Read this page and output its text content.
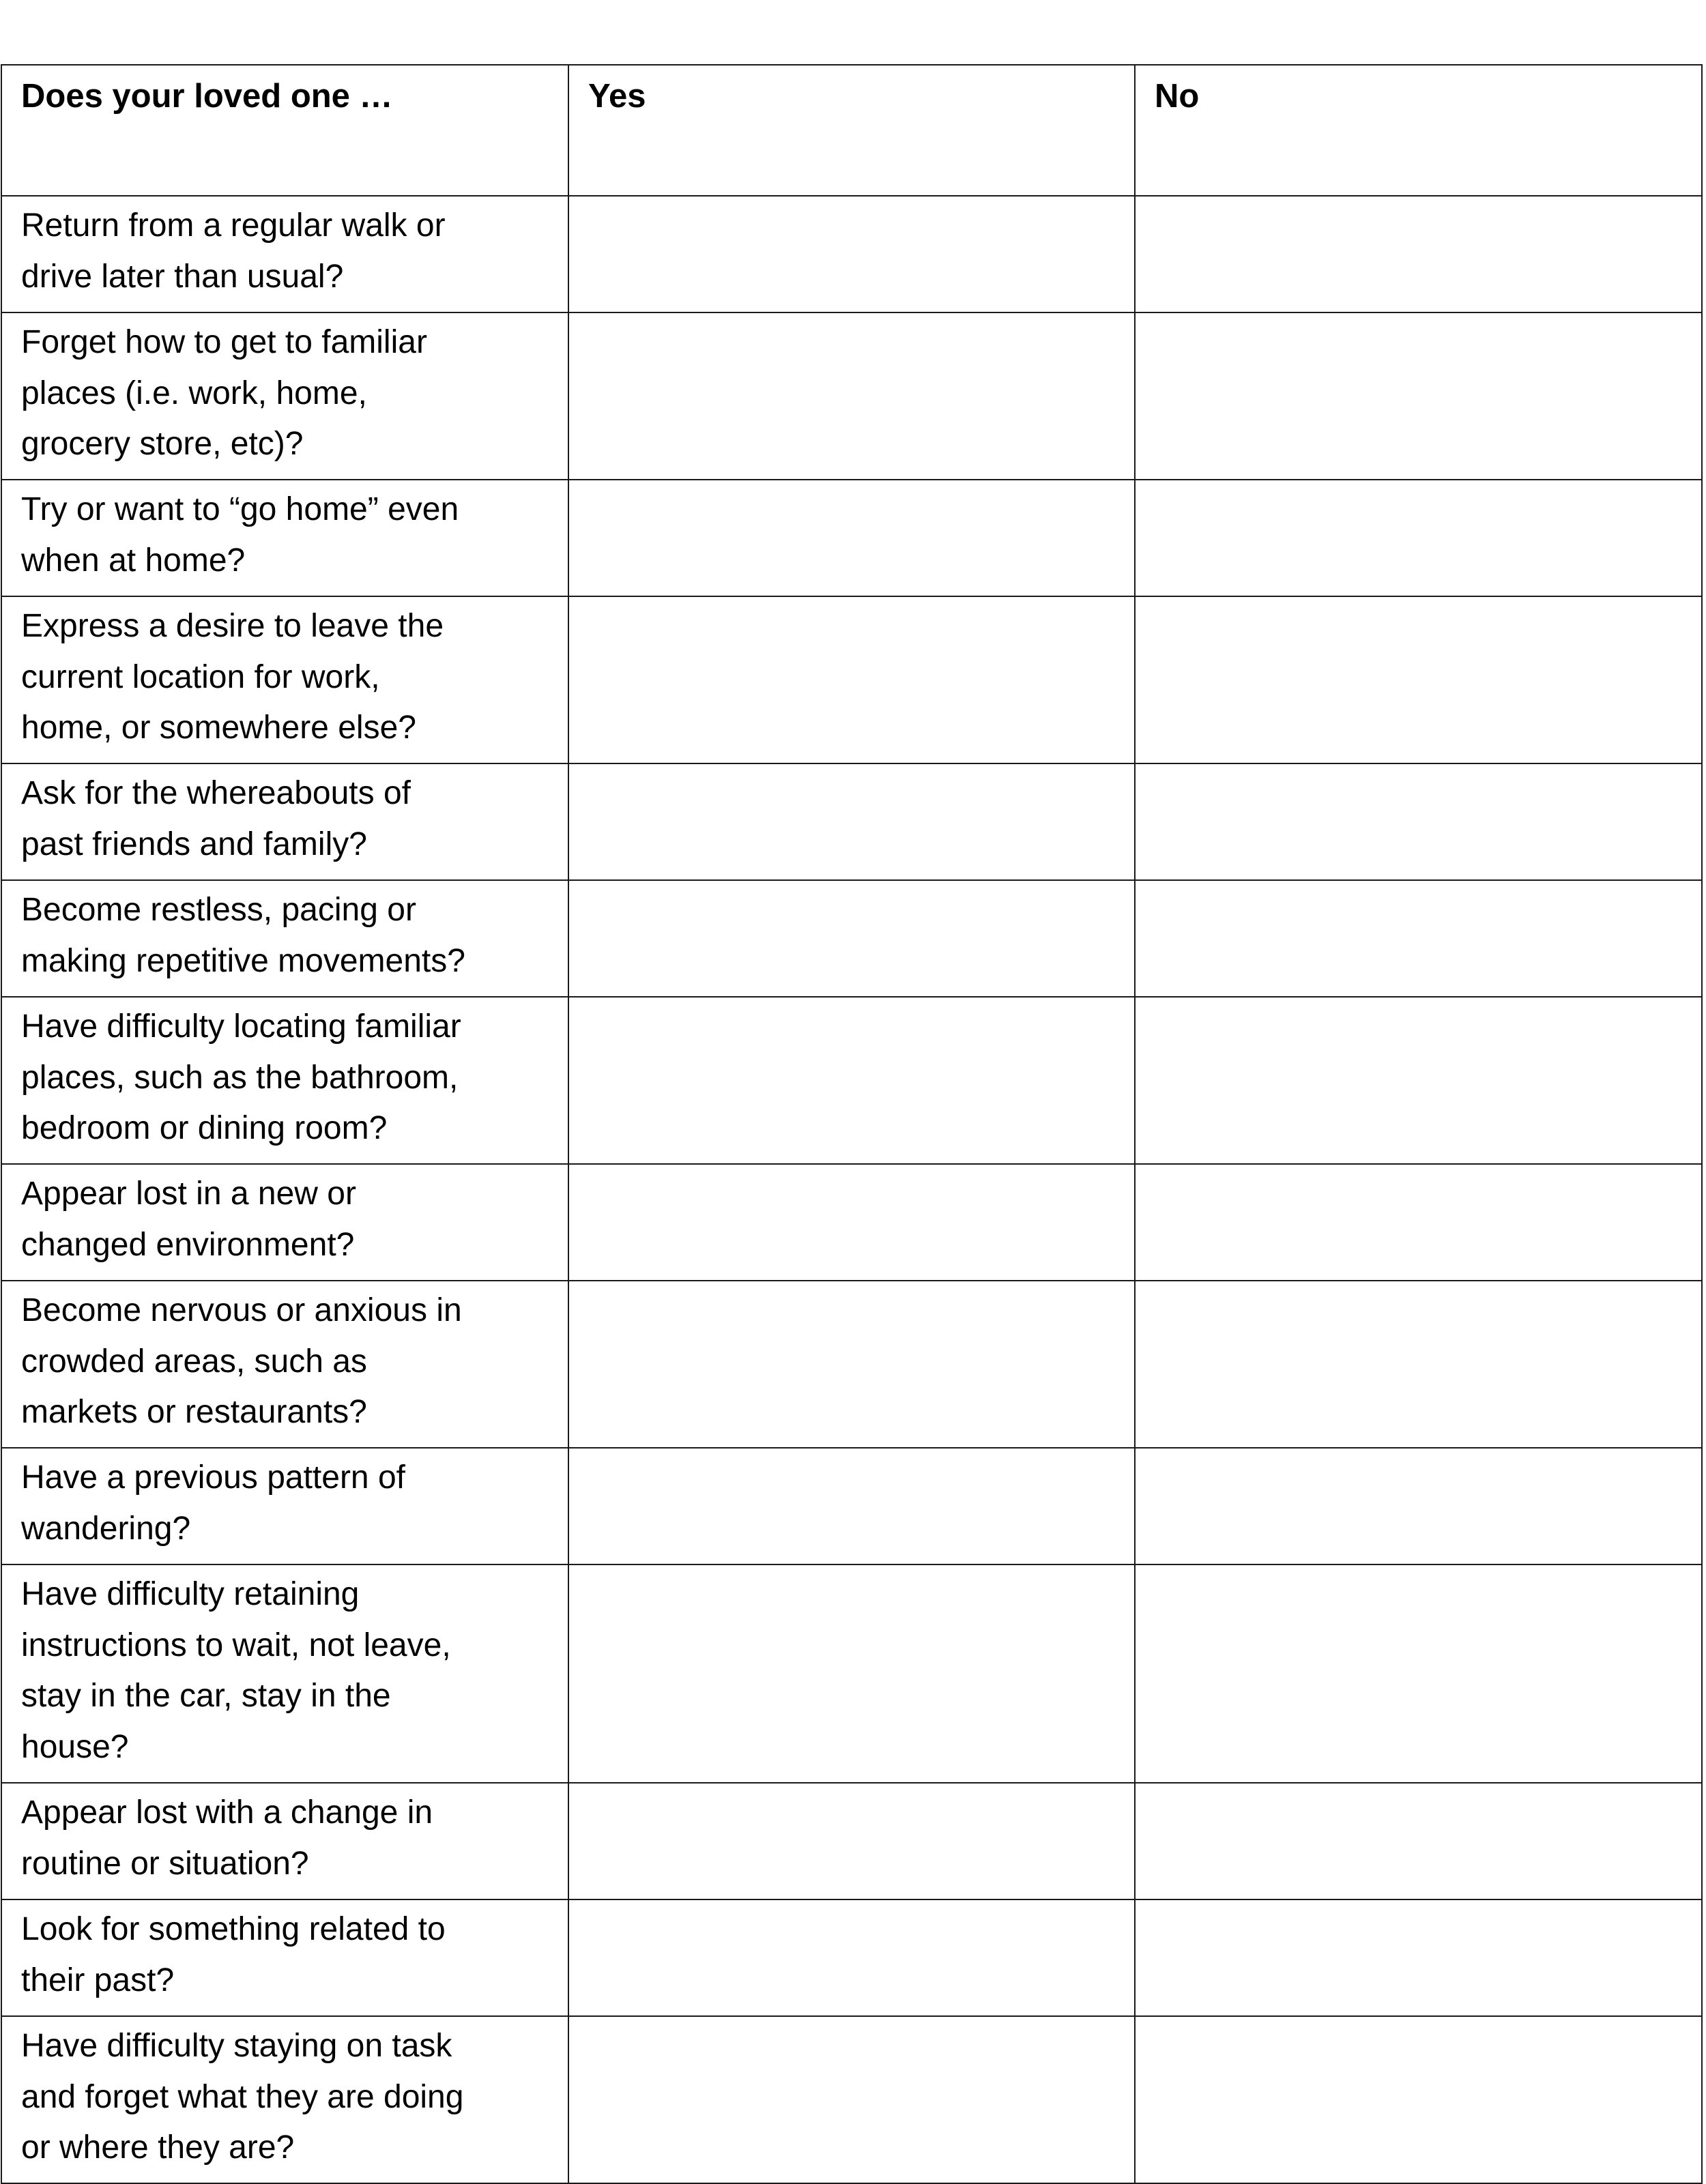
Does your loved one …	Yes	No

Return from a regular walk or
drive later than usual?		

Forget how to get to familiar
places (i.e. work, home,
grocery store, etc)?		

Try or want to “go home” even
when at home?		

Express a desire to leave the
current location for work,
home, or somewhere else?		

Ask for the whereabouts of
past friends and family?		

Become restless, pacing or
making repetitive movements?		

Have difficulty locating familiar
places, such as the bathroom,
bedroom or dining room?		

Appear lost in a new or
changed environment?		

Become nervous or anxious in
crowded areas, such as
markets or restaurants?		

Have a previous pattern of
wandering?		

Have difficulty retaining
instructions to wait, not leave,
stay in the car, stay in the
house?		

Appear lost with a change in
routine or situation?		

Look for something related to
their past?		

Have difficulty staying on task
and forget what they are doing
or where they are?		
